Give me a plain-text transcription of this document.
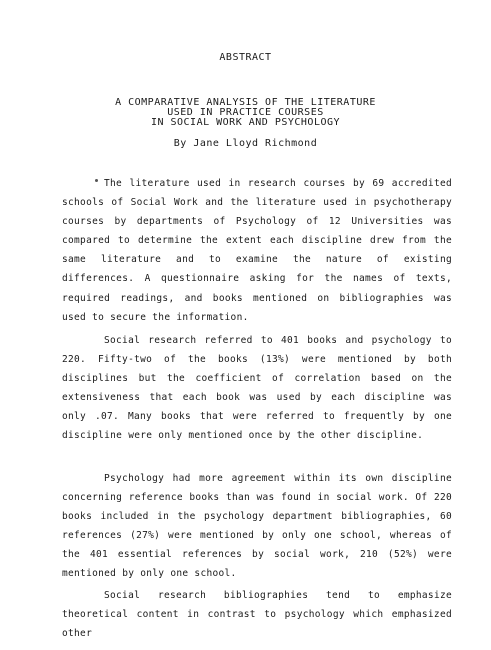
ABSTRACT
A COMPARATIVE ANALYSIS OF THE LITERATURE
USED IN PRACTICE COURSES
IN SOCIAL WORK AND PSYCHOLOGY
By Jane Lloyd Richmond

The literature used in research courses by 69 accredited schools of Social Work and the literature used in psychotherapy courses by departments of Psychology of 12 Universities was compared to determine the extent each discipline drew from the same literature and to examine the nature of existing differences. A questionnaire asking for the names of texts, required readings, and books mentioned on bibliographies was used to secure the information.

Social research referred to 401 books and psychology to 220. Fifty-two of the books (13%) were mentioned by both disciplines but the coefficient of correlation based on the extensiveness that each book was used by each discipline was only .07. Many books that were referred to frequently by one discipline were only mentioned once by the other discipline.

Psychology had more agreement within its own discipline concerning reference books than was found in social work. Of 220 books included in the psychology department bibliographies, 60 references (27%) were mentioned by only one school, whereas of the 401 essential references by social work, 210 (52%) were mentioned by only one school.

Social research bibliographies tend to emphasize theoretical content in contrast to psychology which emphasized other
